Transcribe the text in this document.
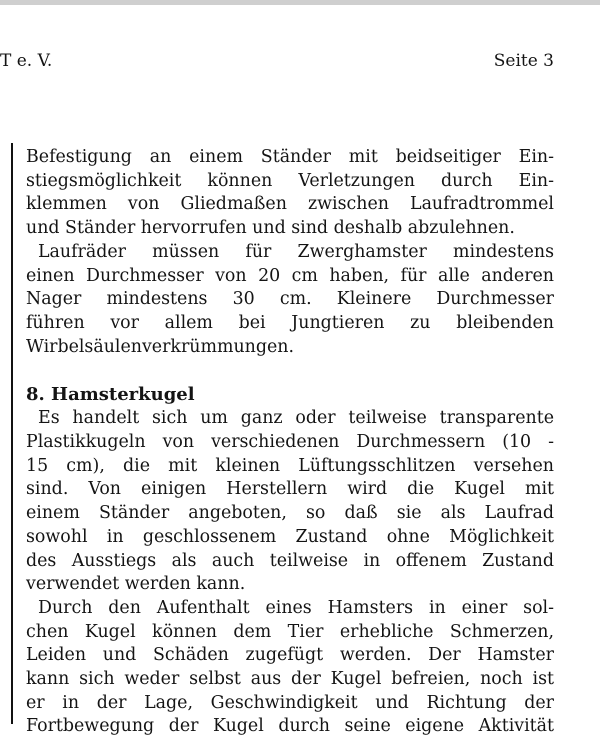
T e. V.	Seite 3

Befestigung an einem Ständer mit beidseitiger Ein-
stiegsmöglichkeit können Verletzungen durch Ein-
klemmen von Gliedmaßen zwischen Laufradtrommel
und Ständer hervorrufen und sind deshalb abzulehnen.

Laufräder müssen für Zwerghamster mindestens
einen Durchmesser von 20 cm haben, für alle anderen
Nager mindestens 30 cm. Kleinere Durchmesser
führen vor allem bei Jungtieren zu bleibenden
Wirbelsäulenverkrümmungen.

8. Hamsterkugel

Es handelt sich um ganz oder teilweise transparente
Plastikkugeln von verschiedenen Durchmessern (10 -
15 cm), die mit kleinen Lüftungsschlitzen versehen
sind. Von einigen Herstellern wird die Kugel mit
einem Ständer angeboten, so daß sie als Laufrad
sowohl in geschlossenem Zustand ohne Möglichkeit
des Ausstiegs als auch teilweise in offenem Zustand
verwendet werden kann.

Durch den Aufenthalt eines Hamsters in einer sol-
chen Kugel können dem Tier erhebliche Schmerzen,
Leiden und Schäden zugefügt werden. Der Hamster
kann sich weder selbst aus der Kugel befreien, noch ist
er in der Lage, Geschwindigkeit und Richtung der
Fortbewegung der Kugel durch seine eigene Aktivität
